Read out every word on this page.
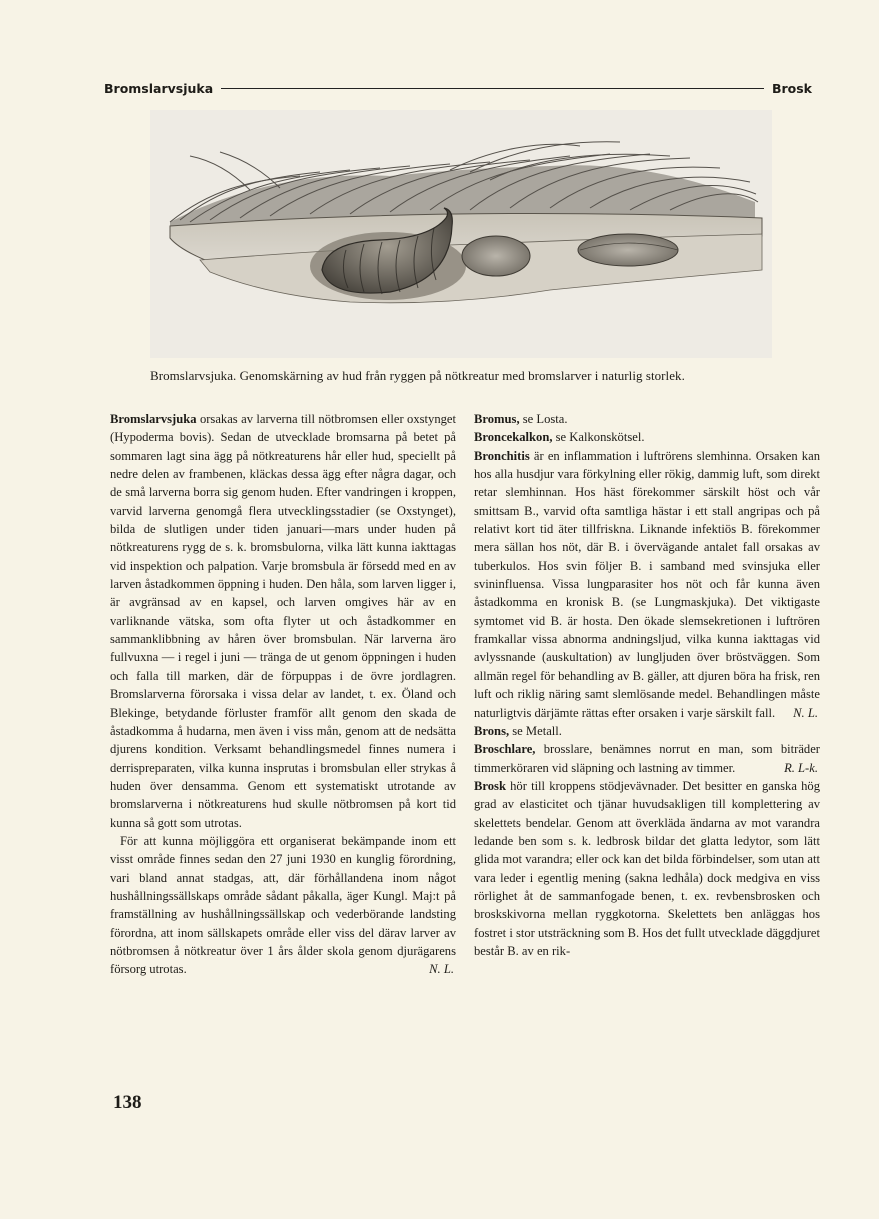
Bromslarvsjuka	Brosk
Bromslarvsjuka. Genomskärning av hud från ryggen på nötkreatur med bromslarver i naturlig storlek.

Bromslarvsjuka orsakas av larverna till nötbromsen eller oxstynget (Hypoderma bovis). Sedan de utvecklade bromsarna på betet på sommaren lagt sina ägg på nötkreaturens hår eller hud, speciellt på nedre delen av frambenen, kläckas dessa ägg efter några dagar, och de små larverna borra sig genom huden. Efter vandringen i kroppen, varvid larverna genomgå flera utvecklingsstadier (se Oxstynget), bilda de slutligen under tiden januari—mars under huden på nötkreaturens rygg de s. k. bromsbulorna, vilka lätt kunna iakttagas vid inspektion och palpation. Varje bromsbula är försedd med en av larven åstadkommen öppning i huden. Den håla, som larven ligger i, är avgränsad av en kapsel, och larven omgives här av en varliknande vätska, som ofta flyter ut och åstadkommer en sammanklibbning av håren över bromsbulan. När larverna äro fullvuxna — i regel i juni — tränga de ut genom öppningen i huden och falla till marken, där de förpuppas i de övre jordlagren. Bromslarverna förorsaka i vissa delar av landet, t. ex. Öland och Blekinge, betydande förluster framför allt genom den skada de åstadkomma å hudarna, men även i viss mån, genom att de nedsätta djurens kondition. Verksamt behandlingsmedel finnes numera i derrispreparaten, vilka kunna insprutas i bromsbulan eller strykas å huden över densamma. Genom ett systematiskt utrotande av bromslarverna i nötkreaturens hud skulle nötbromsen på kort tid kunna så gott som utrotas.

För att kunna möjliggöra ett organiserat bekämpande inom ett visst område finnes sedan den 27 juni 1930 en kunglig förordning, vari bland annat stadgas, att, där förhållandena inom något hushållningssällskaps område sådant påkalla, äger Kungl. Maj:t på framställning av hushållningssällskap och vederbörande landsting förordna, att inom sällskapets område eller viss del därav larver av nötbromsen å nötkreatur över 1 års ålder skola genom djurägarens försorg utrotas.	N. L.

Bromus, se Losta.

Broncekalkon, se Kalkonskötsel.

Bronchitis är en inflammation i luftrörens slemhinna. Orsaken kan hos alla husdjur vara förkylning eller rökig, dammig luft, som direkt retar slemhinnan. Hos häst förekommer särskilt höst och vår smittsam B., varvid ofta samtliga hästar i ett stall angripas och på relativt kort tid äter tillfriskna. Liknande infektiös B. förekommer mera sällan hos nöt, där B. i övervägande antalet fall orsakas av tuberkulos. Hos svin följer B. i samband med svinsjuka eller svininfluensa. Vissa lungparasiter hos nöt och får kunna även åstadkomma en kronisk B. (se Lungmaskjuka). Det viktigaste symtomet vid B. är hosta. Den ökade slemsekretionen i luftrören framkallar vissa abnorma andningsljud, vilka kunna iakttagas vid avlyssnande (auskultation) av lungljuden över bröstväggen. Som allmän regel för behandling av B. gäller, att djuren böra ha frisk, ren luft och riklig näring samt slemlösande medel. Behandlingen måste naturligtvis därjämte rättas efter orsaken i varje särskilt fall. N. L.

Brons, se Metall.

Broschlare, brosslare, benämnes norrut en man, som biträder timmerköraren vid släpning och lastning av timmer.	R. L-k.

Brosk hör till kroppens stödjevävnader. Det besitter en ganska hög grad av elasticitet och tjänar huvudsakligen till komplettering av skelettets bendelar. Genom att överkläda ändarna av mot varandra ledande ben som s. k. ledbrosk bildar det glatta ledytor, som lätt glida mot varandra; eller ock kan det bilda förbindelser, som utan att vara leder i egentlig mening (sakna ledhåla) dock medgiva en viss rörlighet åt de sammanfogade benen, t. ex. revbensbrosken och broskskivorna mellan ryggkotorna. Skelettets ben anläggas hos fostret i stor utsträckning som B. Hos det fullt utvecklade däggdjuret består B. av en rik-

138
